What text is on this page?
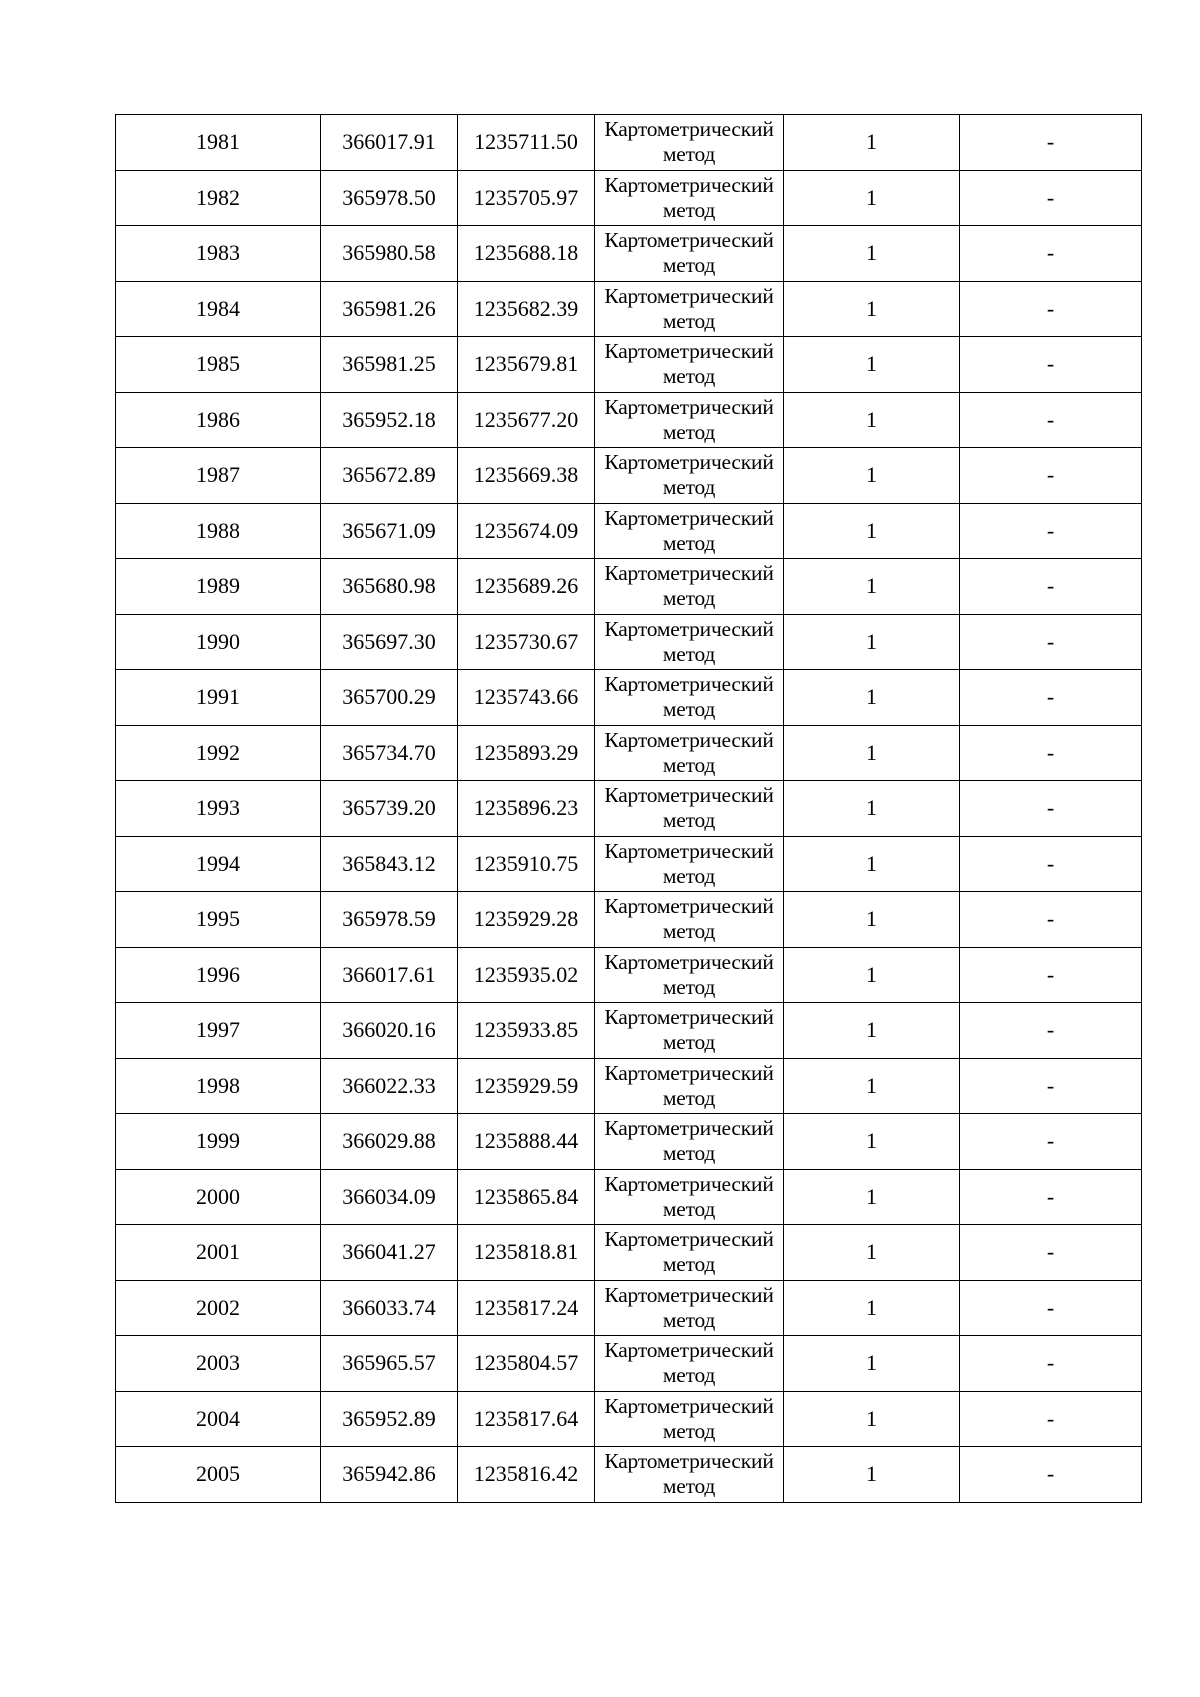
1981	366017.91	1235711.50	Картометрический метод	1	-
1982	365978.50	1235705.97	Картометрический метод	1	-
1983	365980.58	1235688.18	Картометрический метод	1	-
1984	365981.26	1235682.39	Картометрический метод	1	-
1985	365981.25	1235679.81	Картометрический метод	1	-
1986	365952.18	1235677.20	Картометрический метод	1	-
1987	365672.89	1235669.38	Картометрический метод	1	-
1988	365671.09	1235674.09	Картометрический метод	1	-
1989	365680.98	1235689.26	Картометрический метод	1	-
1990	365697.30	1235730.67	Картометрический метод	1	-
1991	365700.29	1235743.66	Картометрический метод	1	-
1992	365734.70	1235893.29	Картометрический метод	1	-
1993	365739.20	1235896.23	Картометрический метод	1	-
1994	365843.12	1235910.75	Картометрический метод	1	-
1995	365978.59	1235929.28	Картометрический метод	1	-
1996	366017.61	1235935.02	Картометрический метод	1	-
1997	366020.16	1235933.85	Картометрический метод	1	-
1998	366022.33	1235929.59	Картометрический метод	1	-
1999	366029.88	1235888.44	Картометрический метод	1	-
2000	366034.09	1235865.84	Картометрический метод	1	-
2001	366041.27	1235818.81	Картометрический метод	1	-
2002	366033.74	1235817.24	Картометрический метод	1	-
2003	365965.57	1235804.57	Картометрический метод	1	-
2004	365952.89	1235817.64	Картометрический метод	1	-
2005	365942.86	1235816.42	Картометрический метод	1	-
